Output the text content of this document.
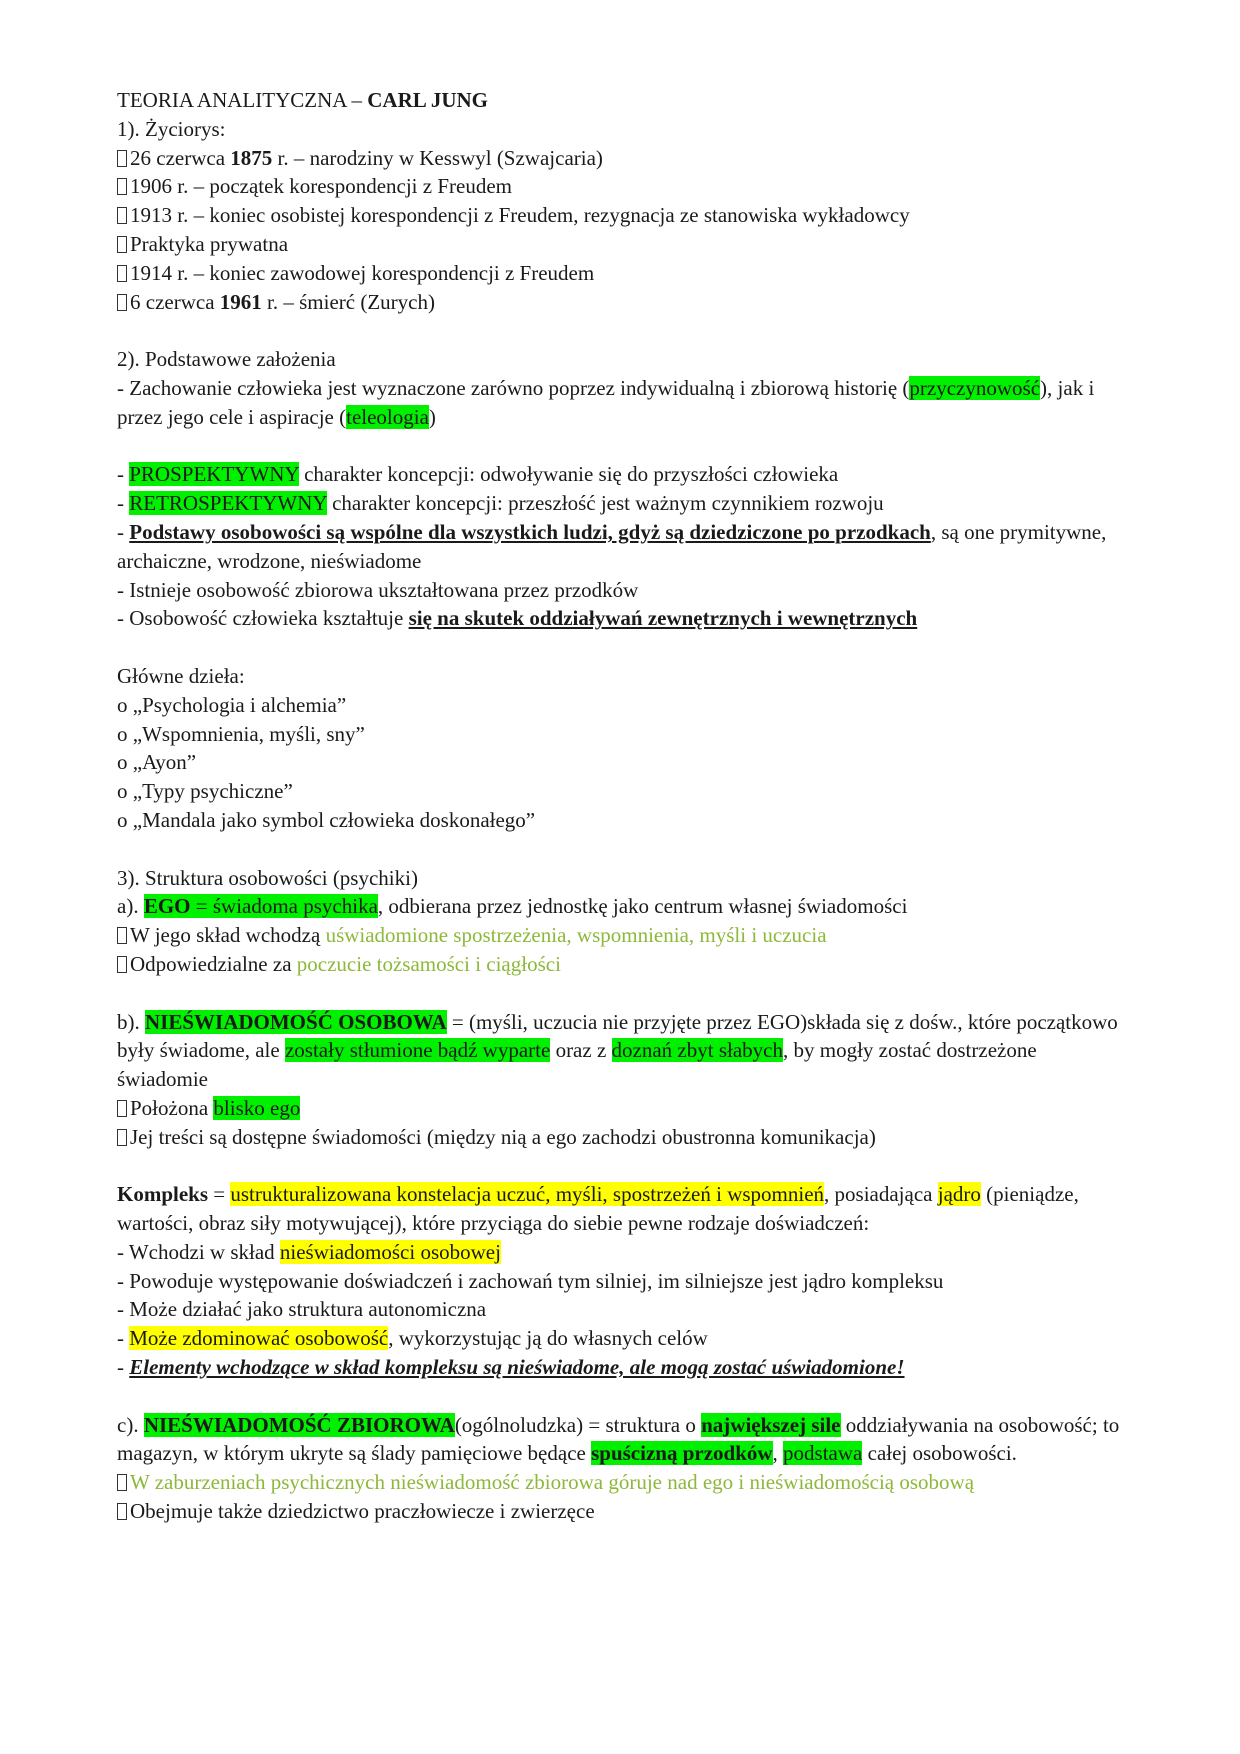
TEORIA ANALITYCZNA – CARL JUNG
1). Życiorys:
26 czerwca 1875 r. – narodziny w Kesswyl (Szwajcaria)
1906 r. – początek korespondencji z Freudem
1913 r. – koniec osobistej korespondencji z Freudem, rezygnacja ze stanowiska wykładowcy
Praktyka prywatna
1914 r. – koniec zawodowej korespondencji z Freudem
6 czerwca 1961 r. – śmierć (Zurych)
2). Podstawowe założenia
- Zachowanie człowieka jest wyznaczone zarówno poprzez indywidualną i zbiorową historię (przyczynowość), jak i przez jego cele i aspiracje (teleologia)
- PROSPEKTYWNY charakter koncepcji: odwoływanie się do przyszłości człowieka
- RETROSPEKTYWNY charakter koncepcji: przeszłość jest ważnym czynnikiem rozwoju
- Podstawy osobowości są wspólne dla wszystkich ludzi, gdyż są dziedziczone po przodkach, są one prymitywne, archaiczne, wrodzone, nieświadome
- Istnieje osobowość zbiorowa ukształtowana przez przodków
- Osobowość człowieka kształtuje się na skutek oddziaływań zewnętrznych i wewnętrznych
Główne dzieła:
o „Psychologia i alchemia”
o „Wspomnienia, myśli, sny”
o „Ayon”
o „Typy psychiczne”
o „Mandala jako symbol człowieka doskonałego”
3). Struktura osobowości (psychiki)
a). EGO = świadoma psychika, odbierana przez jednostkę jako centrum własnej świadomości
W jego skład wchodzą uświadomione spostrzeżenia, wspomnienia, myśli i uczucia
Odpowiedzialne za poczucie tożsamości i ciągłości
b). NIEŚWIADOMOŚĆ OSOBOWA = (myśli, uczucia nie przyjęte przez EGO)składa się z dośw., które początkowo były świadome, ale zostały stłumione bądź wyparte oraz z doznań zbyt słabych, by mogły zostać dostrzeżone świadomie
Położona blisko ego
Jej treści są dostępne świadomości (między nią a ego zachodzi obustronna komunikacja)
Kompleks = ustrukturalizowana konstelacja uczuć, myśli, spostrzeżeń i wspomnień, posiadająca jądro (pieniądze, wartości, obraz siły motywującej), które przyciąga do siebie pewne rodzaje doświadczeń:
- Wchodzi w skład nieświadomości osobowej
- Powoduje występowanie doświadczeń i zachowań tym silniej, im silniejsze jest jądro kompleksu
- Może działać jako struktura autonomiczna
- Może zdominować osobowość, wykorzystując ją do własnych celów
- Elementy wchodzące w skład kompleksu są nieświadome, ale mogą zostać uświadomione!
c). NIEŚWIADOMOŚĆ ZBIOROWA(ogólnoludzka) = struktura o największej sile oddziaływania na osobowość; to magazyn, w którym ukryte są ślady pamięciowe będące spuścizną przodków, podstawa całej osobowości.
W zaburzeniach psychicznych nieświadomość zbiorowa góruje nad ego i nieświadomością osobową
Obejmuje także dziedzictwo praczłowiecze i zwierzęce
